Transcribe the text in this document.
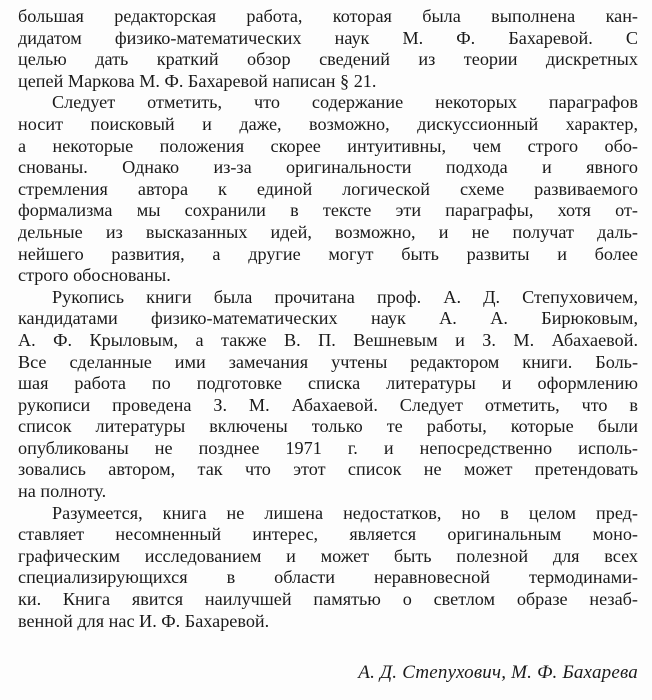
большая редакторская работа, которая была выполнена кан-
дидатом физико-математических наук М. Ф. Бахаревой. С
целью дать краткий обзор сведений из теории дискретных
цепей Маркова М. Ф. Бахаревой написан § 21.
Следует отметить, что содержание некоторых параграфов
носит поисковый и даже, возможно, дискуссионный характер,
а некоторые положения скорее интуитивны, чем строго обо-
снованы. Однако из-за оригинальности подхода и явного
стремления автора к единой логической схеме развиваемого
формализма мы сохранили в тексте эти параграфы, хотя от-
дельные из высказанных идей, возможно, и не получат даль-
нейшего развития, а другие могут быть развиты и более
строго обоснованы.
Рукопись книги была прочитана проф. А. Д. Степуховичем,
кандидатами физико-математических наук А. А. Бирюковым,
А. Ф. Крыловым, а также В. П. Вешневым и З. М. Абахаевой.
Все сделанные ими замечания учтены редактором книги. Боль-
шая работа по подготовке списка литературы и оформлению
рукописи проведена З. М. Абахаевой. Следует отметить, что в
список литературы включены только те работы, которые были
опубликованы не позднее 1971 г. и непосредственно исполь-
зовались автором, так что этот список не может претендовать
на полноту.
Разумеется, книга не лишена недостатков, но в целом пред-
ставляет несомненный интерес, является оригинальным моно-
графическим исследованием и может быть полезной для всех
специализирующихся в области неравновесной термодинами-
ки. Книга явится наилучшей памятью о светлом образе незаб-
венной для нас И. Ф. Бахаревой.
А. Д. Степухович, М. Ф. Бахарева
